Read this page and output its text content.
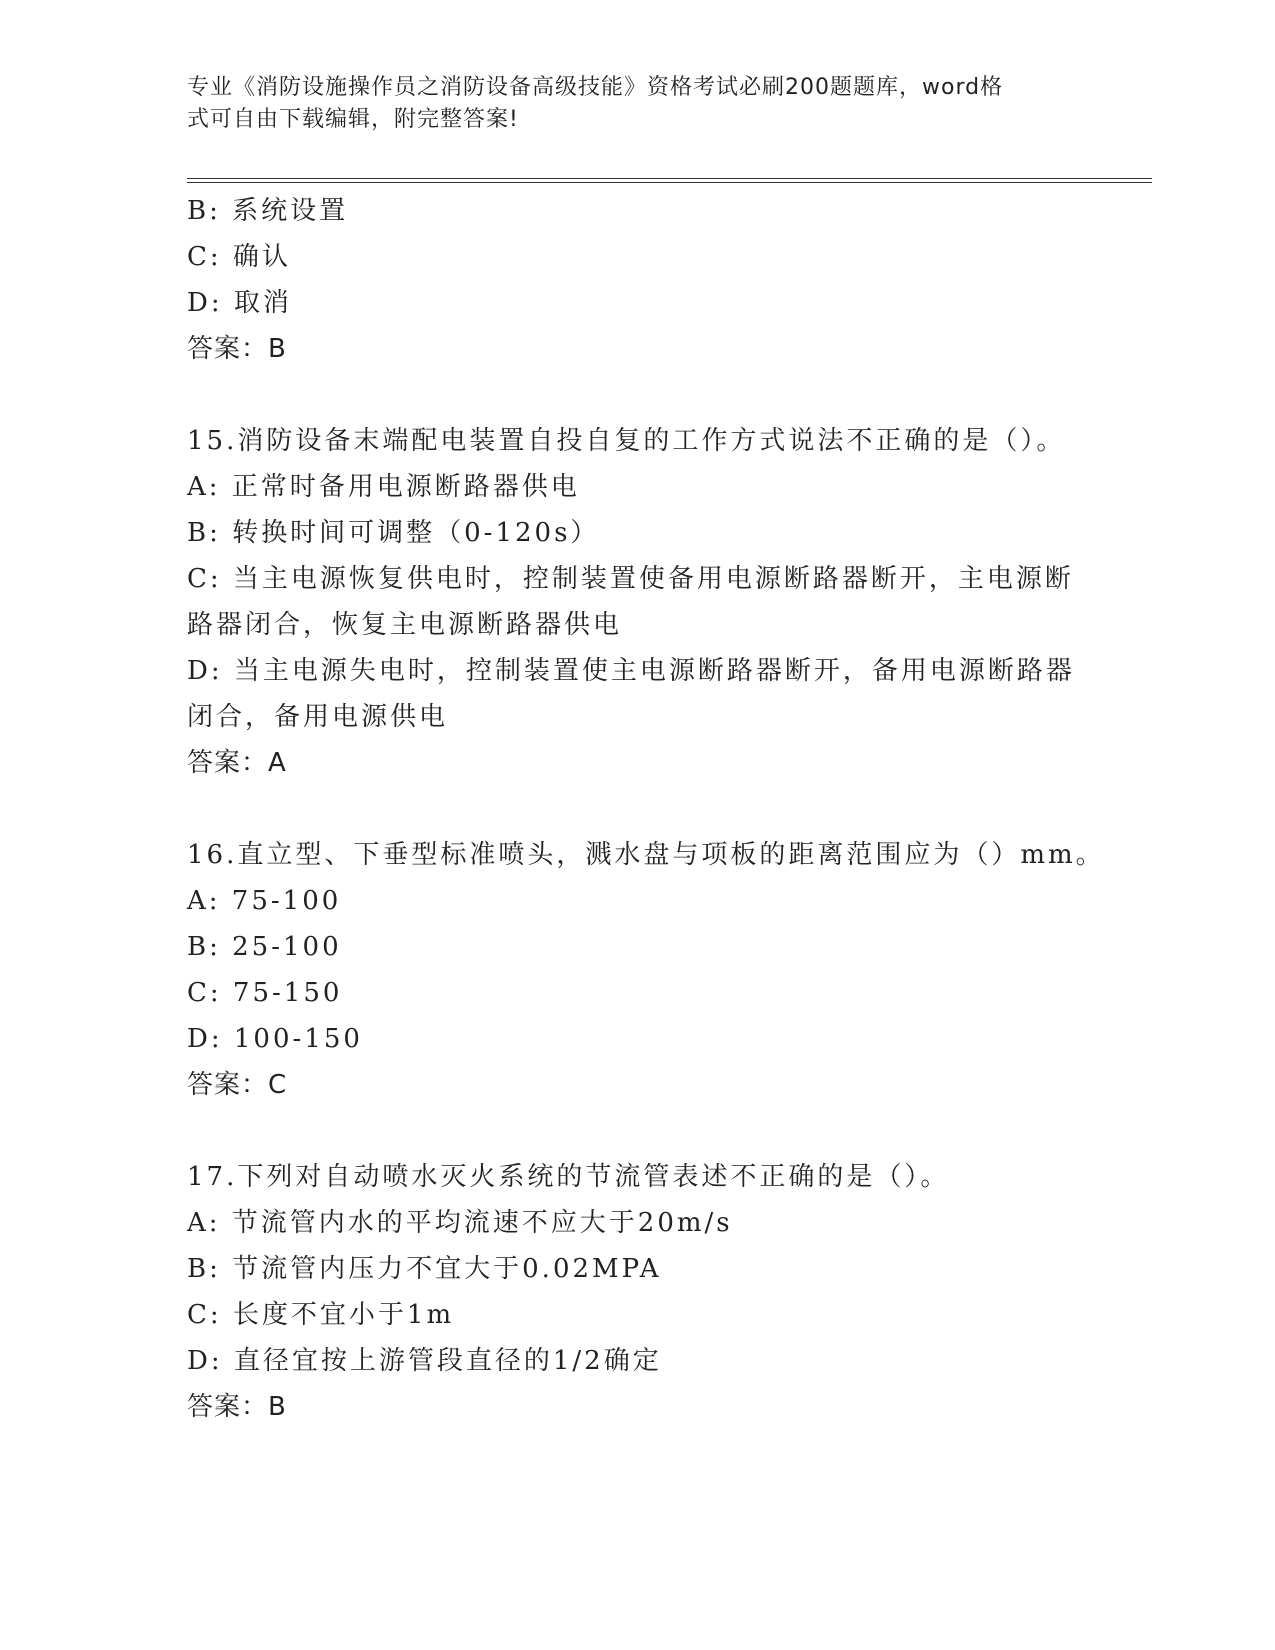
专业《消防设施操作员之消防设备高级技能》资格考试必刷200题题库，word格
式可自由下载编辑，附完整答案!
B: 系统设置
C: 确认
D: 取消
答案：B
15.消防设备末端配电装置自投自复的工作方式说法不正确的是（）。
A: 正常时备用电源断路器供电
B: 转换时间可调整（0-120s）
C: 当主电源恢复供电时，控制装置使备用电源断路器断开，主电源断
路器闭合，恢复主电源断路器供电
D: 当主电源失电时，控制装置使主电源断路器断开，备用电源断路器
闭合，备用电源供电
答案：A
16.直立型、下垂型标准喷头，溅水盘与项板的距离范围应为（）mm。
A: 75-100
B: 25-100
C: 75-150
D: 100-150
答案：C
17.下列对自动喷水灭火系统的节流管表述不正确的是（）。
A: 节流管内水的平均流速不应大于20m/s
B: 节流管内压力不宜大于0.02MPA
C: 长度不宜小于1m
D: 直径宜按上游管段直径的1/2确定
答案：B
